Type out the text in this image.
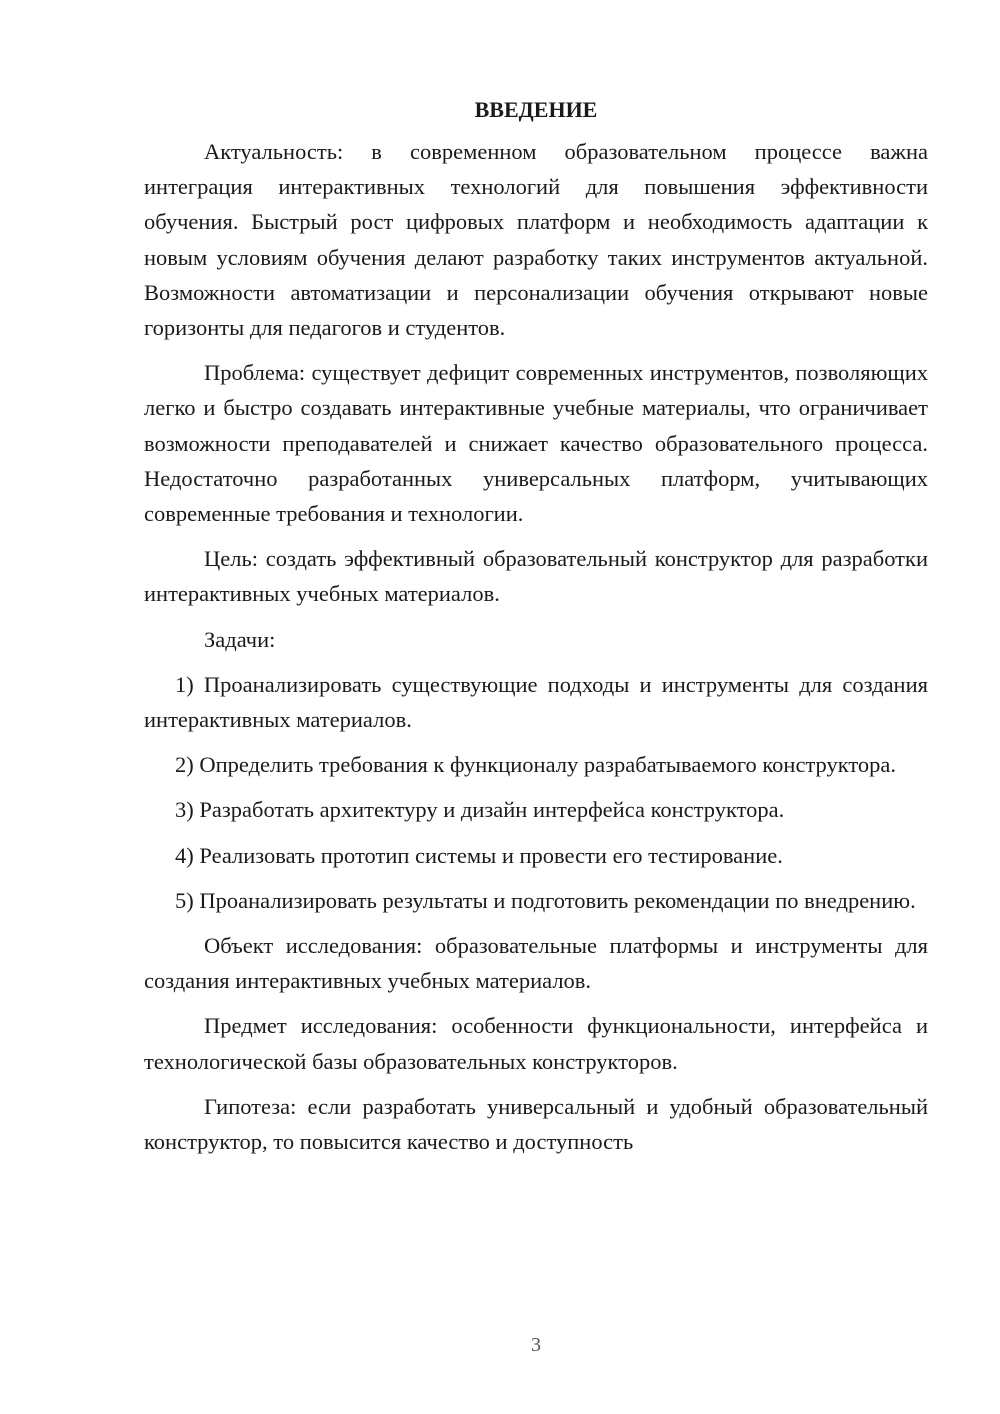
ВВЕДЕНИЕ

Актуальность: в современном образовательном процессе важна интеграция интерактивных технологий для повышения эффективности обучения. Быстрый рост цифровых платформ и необходимость адаптации к новым условиям обучения делают разработку таких инструментов актуальной. Возможности автоматизации и персонализации обучения открывают новые горизонты для педагогов и студентов.

Проблема: существует дефицит современных инструментов, позволяющих легко и быстро создавать интерактивные учебные материалы, что ограничивает возможности преподавателей и снижает качество образовательного процесса. Недостаточно разработанных универсальных платформ, учитывающих современные требования и технологии.

Цель: создать эффективный образовательный конструктор для разработки интерактивных учебных материалов.

Задачи:

1) Проанализировать существующие подходы и инструменты для создания интерактивных материалов.

2) Определить требования к функционалу разрабатываемого конструктора.

3) Разработать архитектуру и дизайн интерфейса конструктора.

4) Реализовать прототип системы и провести его тестирование.

5) Проанализировать результаты и подготовить рекомендации по внедрению.

Объект исследования: образовательные платформы и инструменты для создания интерактивных учебных материалов.

Предмет исследования: особенности функциональности, интерфейса и технологической базы образовательных конструкторов.

Гипотеза: если разработать универсальный и удобный образовательный конструктор, то повысится качество и доступность

3
